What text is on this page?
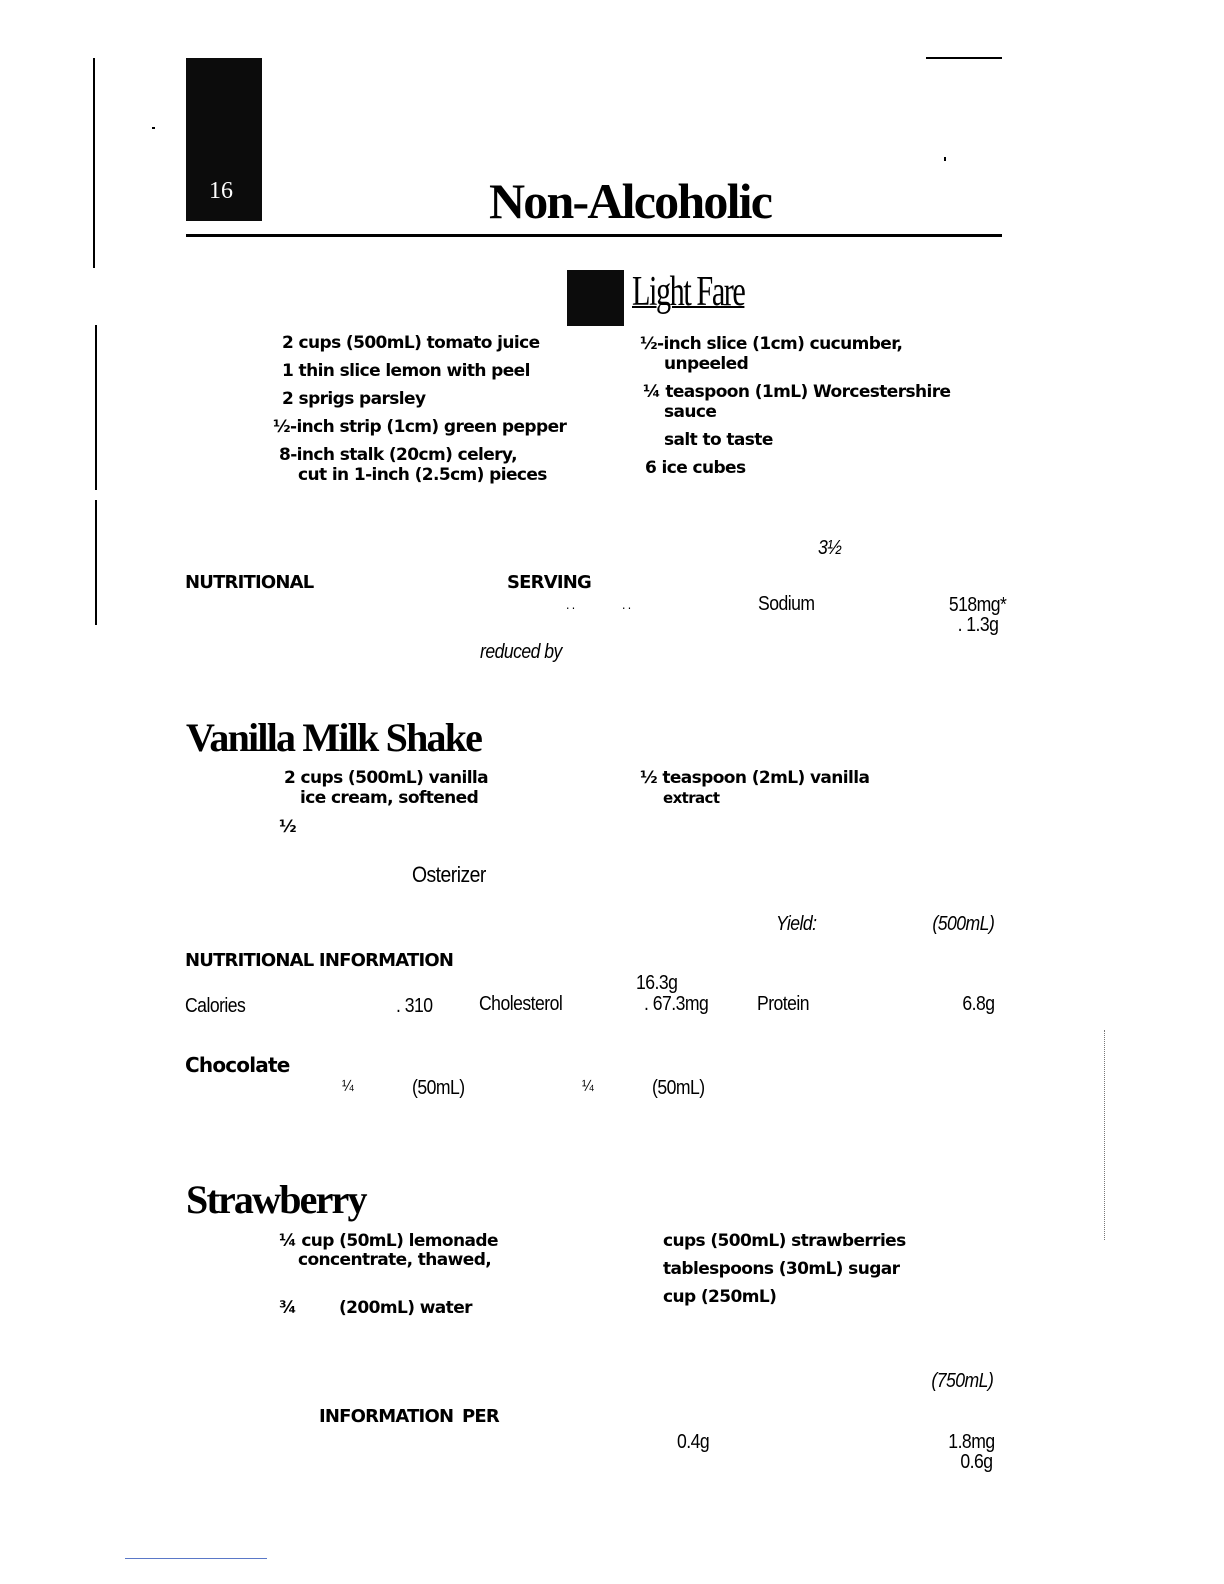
16	Non-Alcoholic
Light Fare
2 cups (500mL) tomato juice
1 thin slice lemon with peel
2 sprigs parsley
½-inch strip (1cm) green pepper
8-inch stalk (20cm) celery,
cut in 1-inch (2.5cm) pieces
½-inch slice (1cm) cucumber,
unpeeled
¼ teaspoon (1mL) Worcestershire
sauce
salt to taste
6 ice cubes
3½
NUTRITIONAL	SERVING
. .	. .	Sodium	518mg*
. 1.3g
reduced by
Vanilla Milk Shake
2 cups (500mL) vanilla
ice cream, softened
½
½ teaspoon (2mL) vanilla
extract
Osterizer
Yield:	(500mL)
NUTRITIONAL INFORMATION
16.3g
Calories	. 310 Cholesterol	. 67.3mg Protein	6.8g
Chocolate
¼	(50mL)	¼	(50mL)
Strawberry
¼ cup (50mL) lemonade
concentrate, thawed,
¾	(200mL) water
cups (500mL) strawberries
tablespoons (30mL) sugar
cup (250mL)
(750mL)
INFORMATION PER
0.4g	1.8mg
0.6g
